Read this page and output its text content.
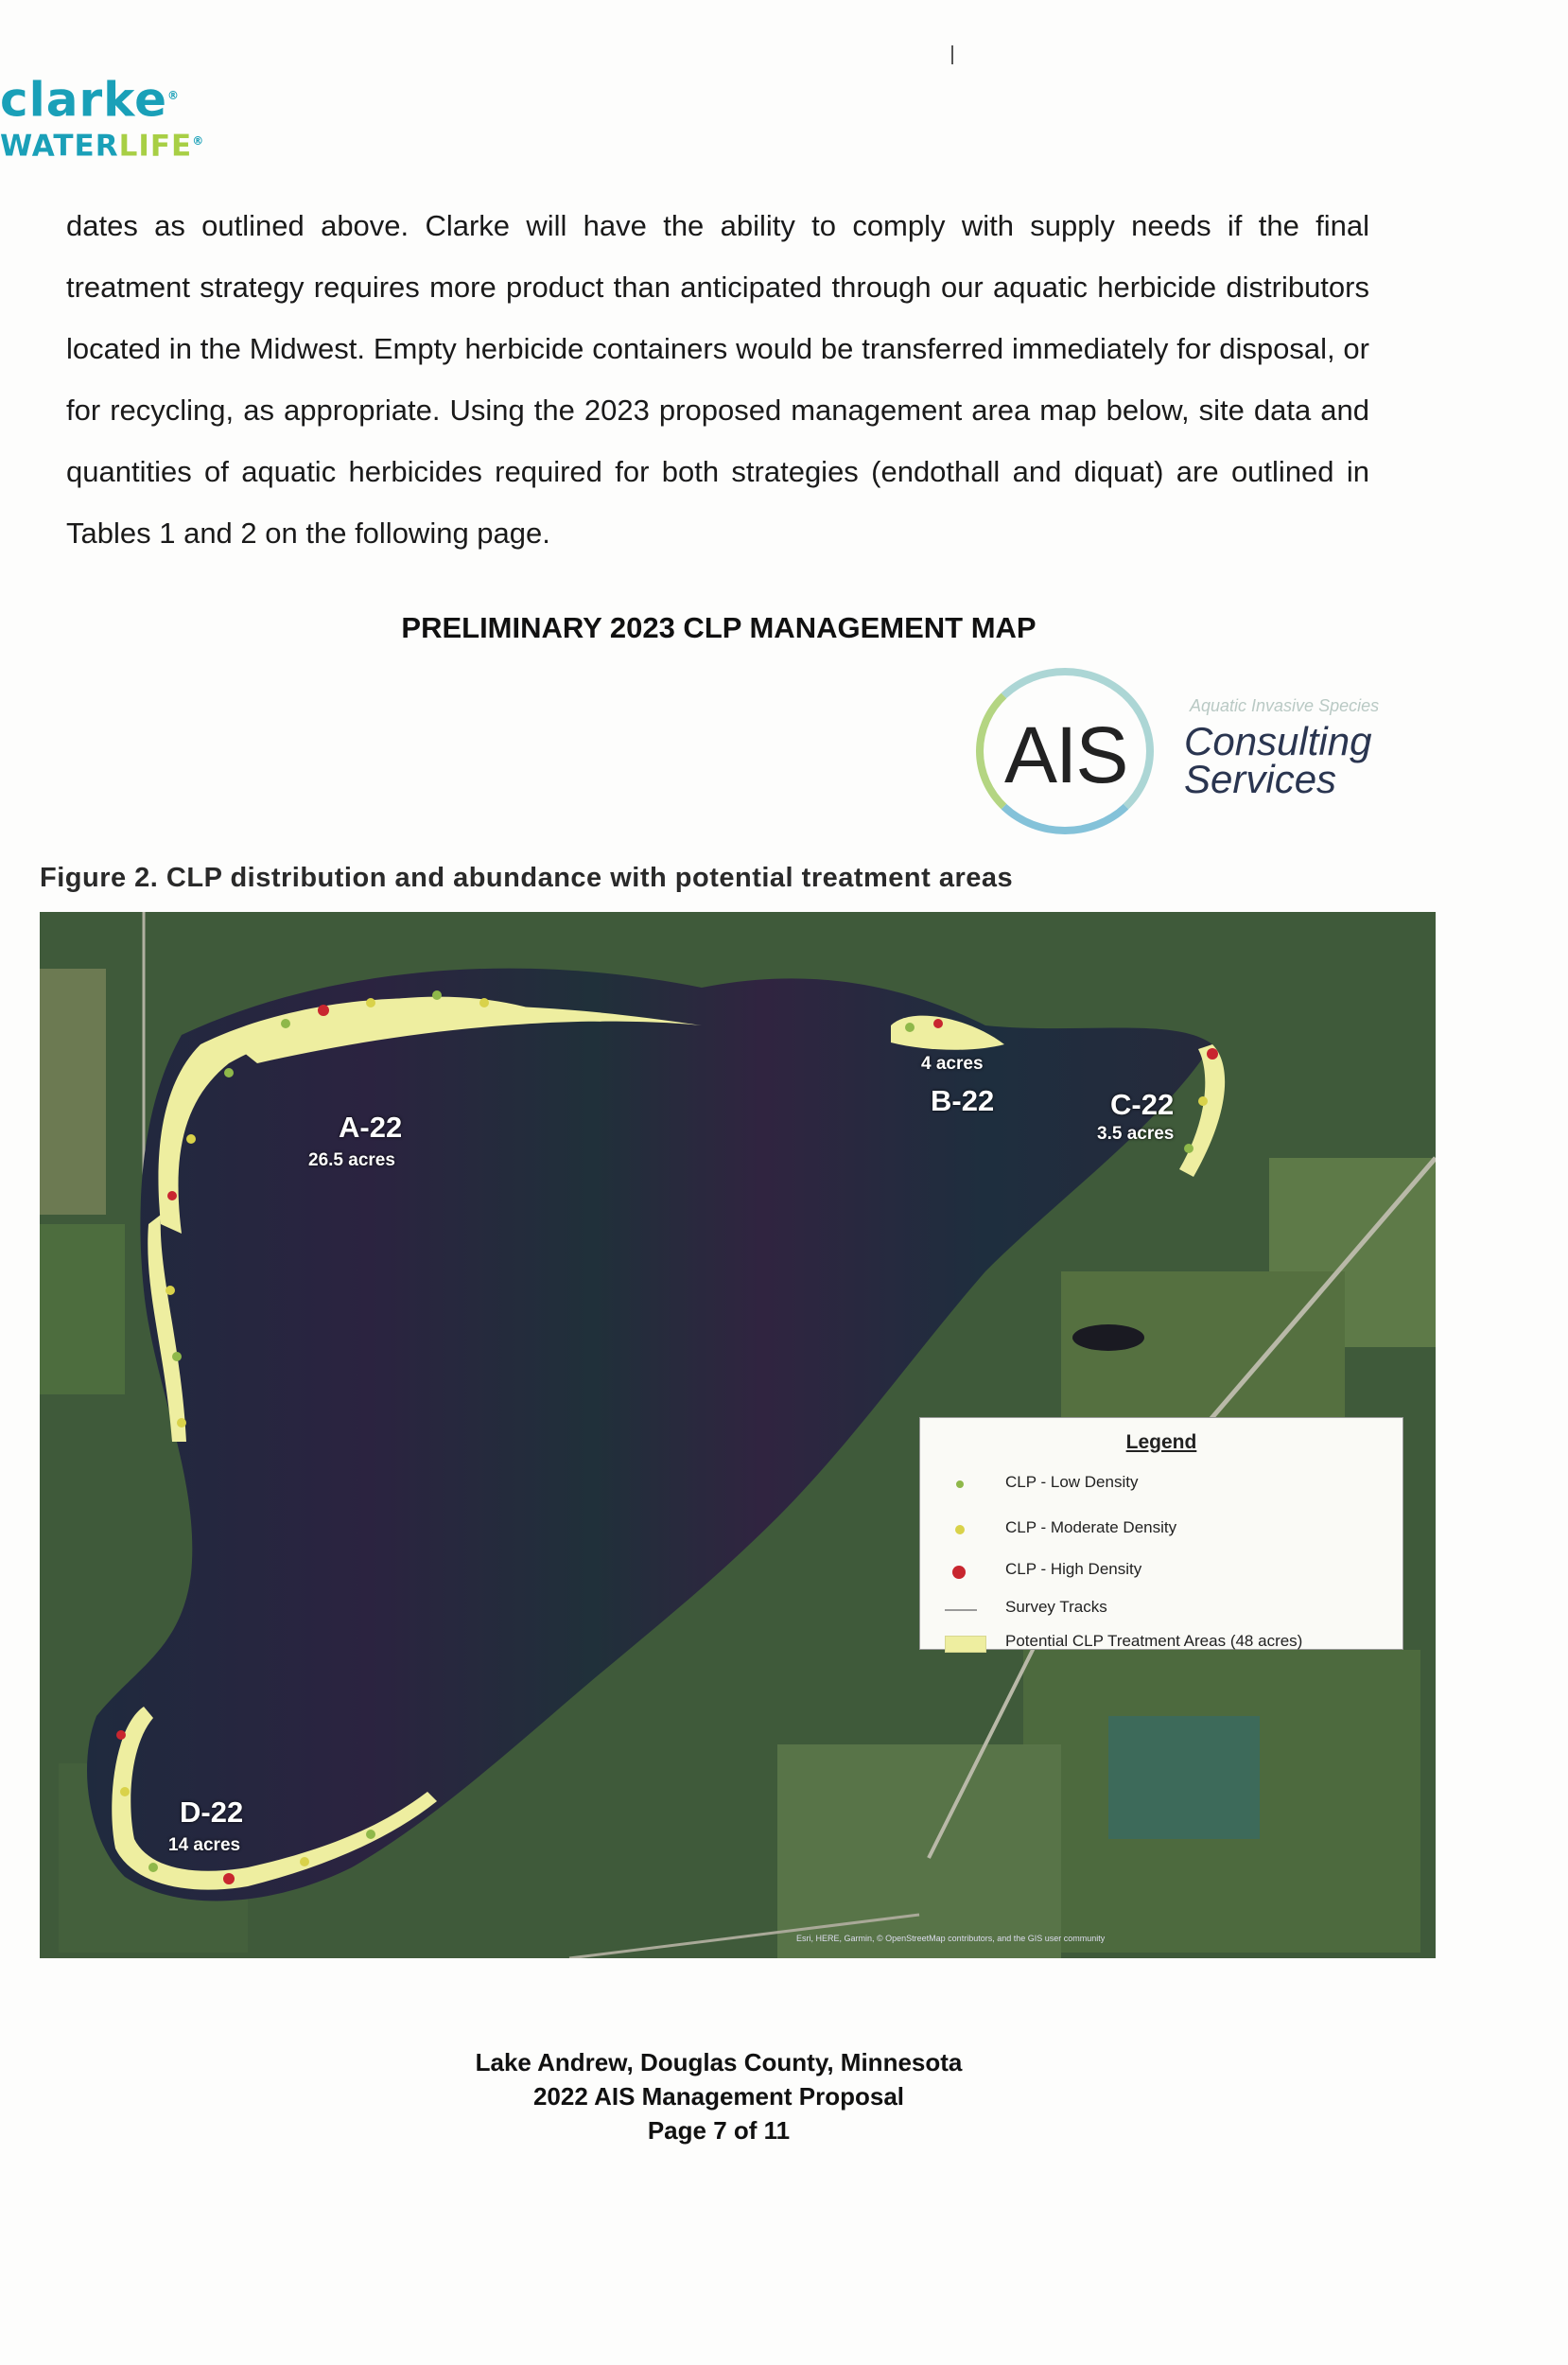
clarke®
WATERLIFE®
dates as outlined above. Clarke will have the ability to comply with supply needs if the final treatment strategy requires more product than anticipated through our aquatic herbicide distributors located in the Midwest. Empty herbicide containers would be transferred immediately for disposal, or for recycling, as appropriate. Using the 2023 proposed management area map below, site data and quantities of aquatic herbicides required for both strategies (endothall and diquat) are outlined in Tables 1 and 2 on the following page.
PRELIMINARY 2023 CLP MANAGEMENT MAP
AIS
Aquatic Invasive Species
Consulting
Services
Figure 2. CLP distribution and abundance with potential treatment areas
A-22
26.5 acres
4 acres
B-22	C-22
3.5 acres
D-22
14 acres
Legend
CLP - Low Density
CLP - Moderate Density
CLP - High Density
Survey Tracks
Potential CLP Treatment Areas (48 acres)
Esri, HERE, Garmin, © OpenStreetMap contributors, and the GIS user community
Lake Andrew, Douglas County, Minnesota
2022 AIS Management Proposal
Page 7 of 11
